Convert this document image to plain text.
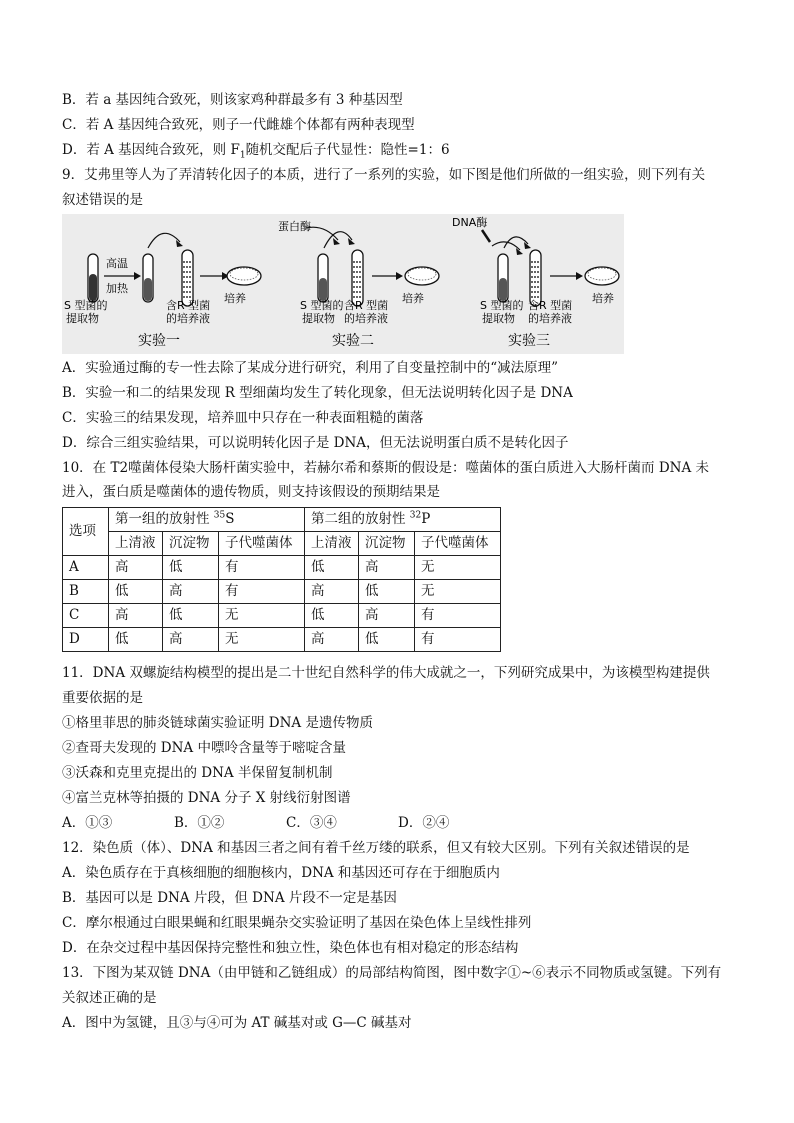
B．若 a 基因纯合致死，则该家鸡种群最多有 3 种基因型
C．若 A 基因纯合致死，则子一代雌雄个体都有两种表现型
D．若 A 基因纯合致死，则 $F_1$随机交配后子代显性：隐性=1：6
9．艾弗里等人为了弄清转化因子的本质，进行了一系列的实验，如下图是他们所做的一组实验，则下列有关
叙述错误的是
高温
加热
S 型菌的
提取物
含R 型菌
的培养液
培养
实验一
蛋白酶
S 型菌的
提取物
含R 型菌
的培养液
培养
实验二
DNA酶
S 型菌的
提取物
含R 型菌
的培养液
培养
实验三
A．实验通过酶的专一性去除了某成分进行研究，利用了自变量控制中的“减法原理”
B．实验一和二的结果发现 R 型细菌均发生了转化现象，但无法说明转化因子是 DNA
C．实验三的结果发现，培养皿中只存在一种表面粗糙的菌落
D．综合三组实验结果，可以说明转化因子是 DNA，但无法说明蛋白质不是转化因子
10．在 T2噬菌体侵染大肠杆菌实验中，若赫尔希和蔡斯的假设是：噬菌体的蛋白质进入大肠杆菌而 DNA 未
进入，蛋白质是噬菌体的遗传物质，则支持该假设的预期结果是
选项	第一组的放射性 $^{35}$S			第二组的放射性 $^{32}$P		
	上清液	沉淀物	子代噬菌体	上清液	沉淀物	子代噬菌体
A	高	低	有	低	高	无
B	低	高	有	高	低	无
C	高	低	无	低	高	有
D	低	高	无	高	低	有
11．DNA 双螺旋结构模型的提出是二十世纪自然科学的伟大成就之一，下列研究成果中，为该模型构建提供
重要依据的是
①格里菲思的肺炎链球菌实验证明 DNA 是遗传物质
②查哥夫发现的 DNA 中嘌呤含量等于嘧啶含量
③沃森和克里克提出的 DNA 半保留复制机制
④富兰克林等拍摄的 DNA 分子 X 射线衍射图谱
A．①③	B．①②	C．③④	D．②④
12．染色质（体）、DNA 和基因三者之间有着千丝万缕的联系，但又有较大区别。下列有关叙述错误的是
A．染色质存在于真核细胞的细胞核内，DNA 和基因还可存在于细胞质内
B．基因可以是 DNA 片段，但 DNA 片段不一定是基因
C．摩尔根通过白眼果蝇和红眼果蝇杂交实验证明了基因在染色体上呈线性排列
D．在杂交过程中基因保持完整性和独立性，染色体也有相对稳定的形态结构
13．下图为某双链 DNA（由甲链和乙链组成）的局部结构简图，图中数字①~⑥表示不同物质或氢键。下列有
关叙述正确的是
A．图中为氢键，且③与④可为 AT 碱基对或 G—C 碱基对
